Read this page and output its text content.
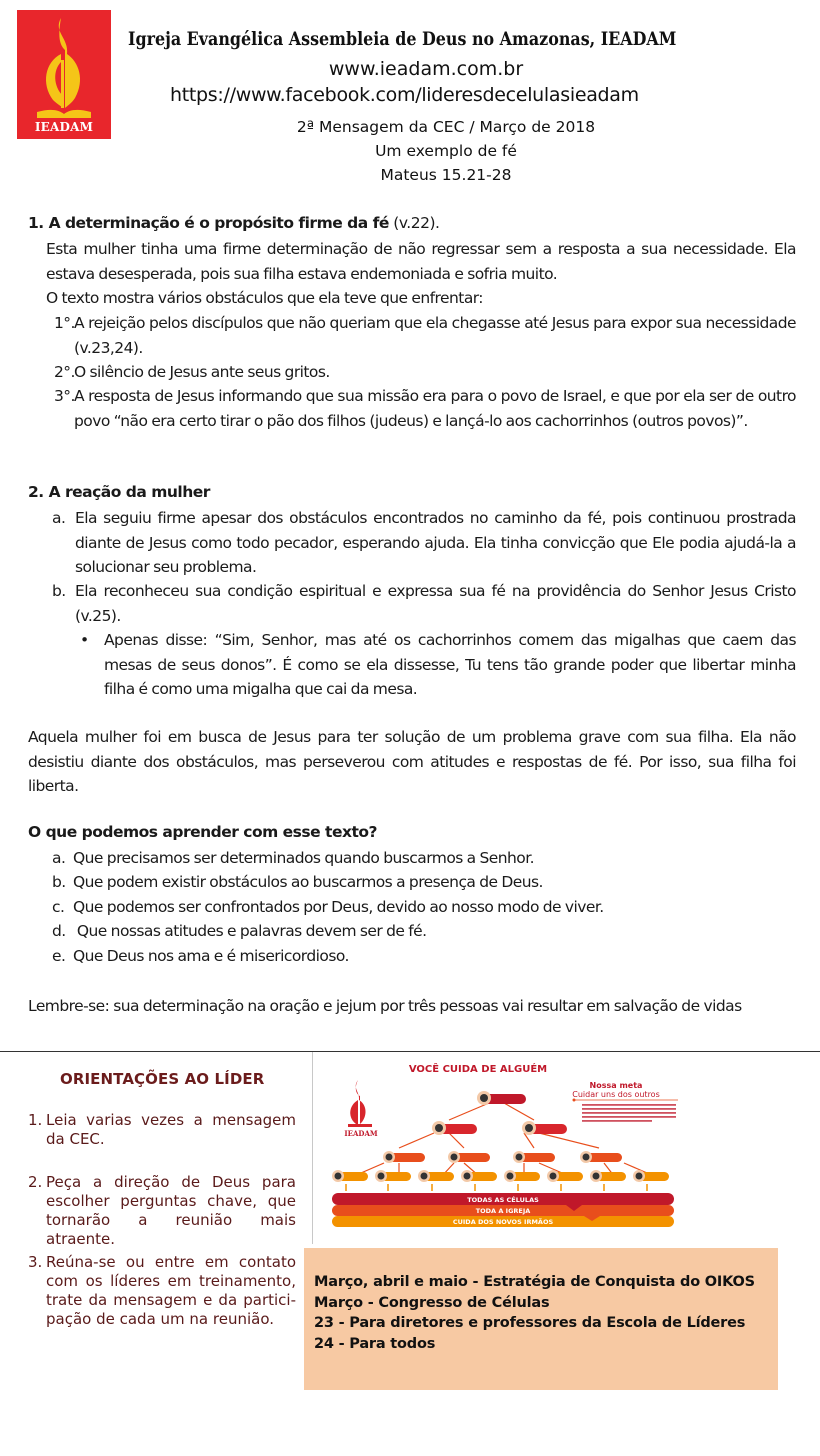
IEADAM
Igreja Evangélica Assembleia de Deus no Amazonas, IEADAM
www.ieadam.com.br
https://www.facebook.com/lideresdecelulasieadam
2ª Mensagem da CEC / Março de 2018
Um exemplo de fé
Mateus 15.21-28
1. A determinação é o propósito firme da fé (v.22).
Esta mulher tinha uma firme determinação de não regressar sem a resposta a sua necessidade. Ela estava desesperada, pois sua filha estava endemoniada e sofria muito.
O texto mostra vários obstáculos que ela teve que enfrentar:
1°. A rejeição pelos discípulos que não queriam que ela chegasse até Jesus para expor sua necessidade (v.23,24).
2°. O silêncio de Jesus ante seus gritos.
3°. A resposta de Jesus informando que sua missão era para o povo de Israel, e que por ela ser de outro povo “não era certo tirar o pão dos filhos (judeus) e lançá-lo aos cachorrinhos (outros povos)”.
2. A reação da mulher
a. Ela seguiu firme apesar dos obstáculos encontrados no caminho da fé, pois continuou prostrada diante de Jesus como todo pecador, esperando ajuda. Ela tinha convicção que Ele podia ajudá-la a solucionar seu problema.
b. Ela reconheceu sua condição espiritual e expressa sua fé na providência do Senhor Jesus Cristo (v.25).
• Apenas disse: “Sim, Senhor, mas até os cachorrinhos comem das migalhas que caem das mesas de seus donos”. É como se ela dissesse, Tu tens tão grande poder que libertar minha filha é como uma migalha que cai da mesa.
Aquela mulher foi em busca de Jesus para ter solução de um problema grave com sua filha. Ela não desistiu diante dos obstáculos, mas perseverou com atitudes e respostas de fé. Por isso, sua filha foi liberta.
O que podemos aprender com esse texto?
a. Que precisamos ser determinados quando buscarmos a Senhor.
b. Que podem existir obstáculos ao buscarmos a presença de Deus.
c. Que podemos ser confrontados por Deus, devido ao nosso modo de viver.
d. Que nossas atitudes e palavras devem ser de fé.
e. Que Deus nos ama e é misericordioso.
Lembre-se: sua determinação na oração e jejum por três pessoas vai resultar em salvação de vidas
ORIENTAÇÕES AO LÍDER
1. Leia varias vezes a mensagem da CEC.
2. Peça a direção de Deus para escolher perguntas chave, que tornarão a reunião mais atraente.
3. Reúna-se ou entre em contato com os líderes em treinamento, trate da mensagem e da partici-pação de cada um na reunião.
VOCÊ CUIDA DE ALGUÉM
IEADAM
Nossa meta
Cuidar uns dos outros
TODAS AS CÉLULAS
TODA A IGREJA
CUIDA DOS NOVOS IRMÃOS
Março, abril e maio - Estratégia de Conquista do OIKOS
Março - Congresso de Células
23 - Para diretores e professores da Escola de Líderes
24 - Para todos
